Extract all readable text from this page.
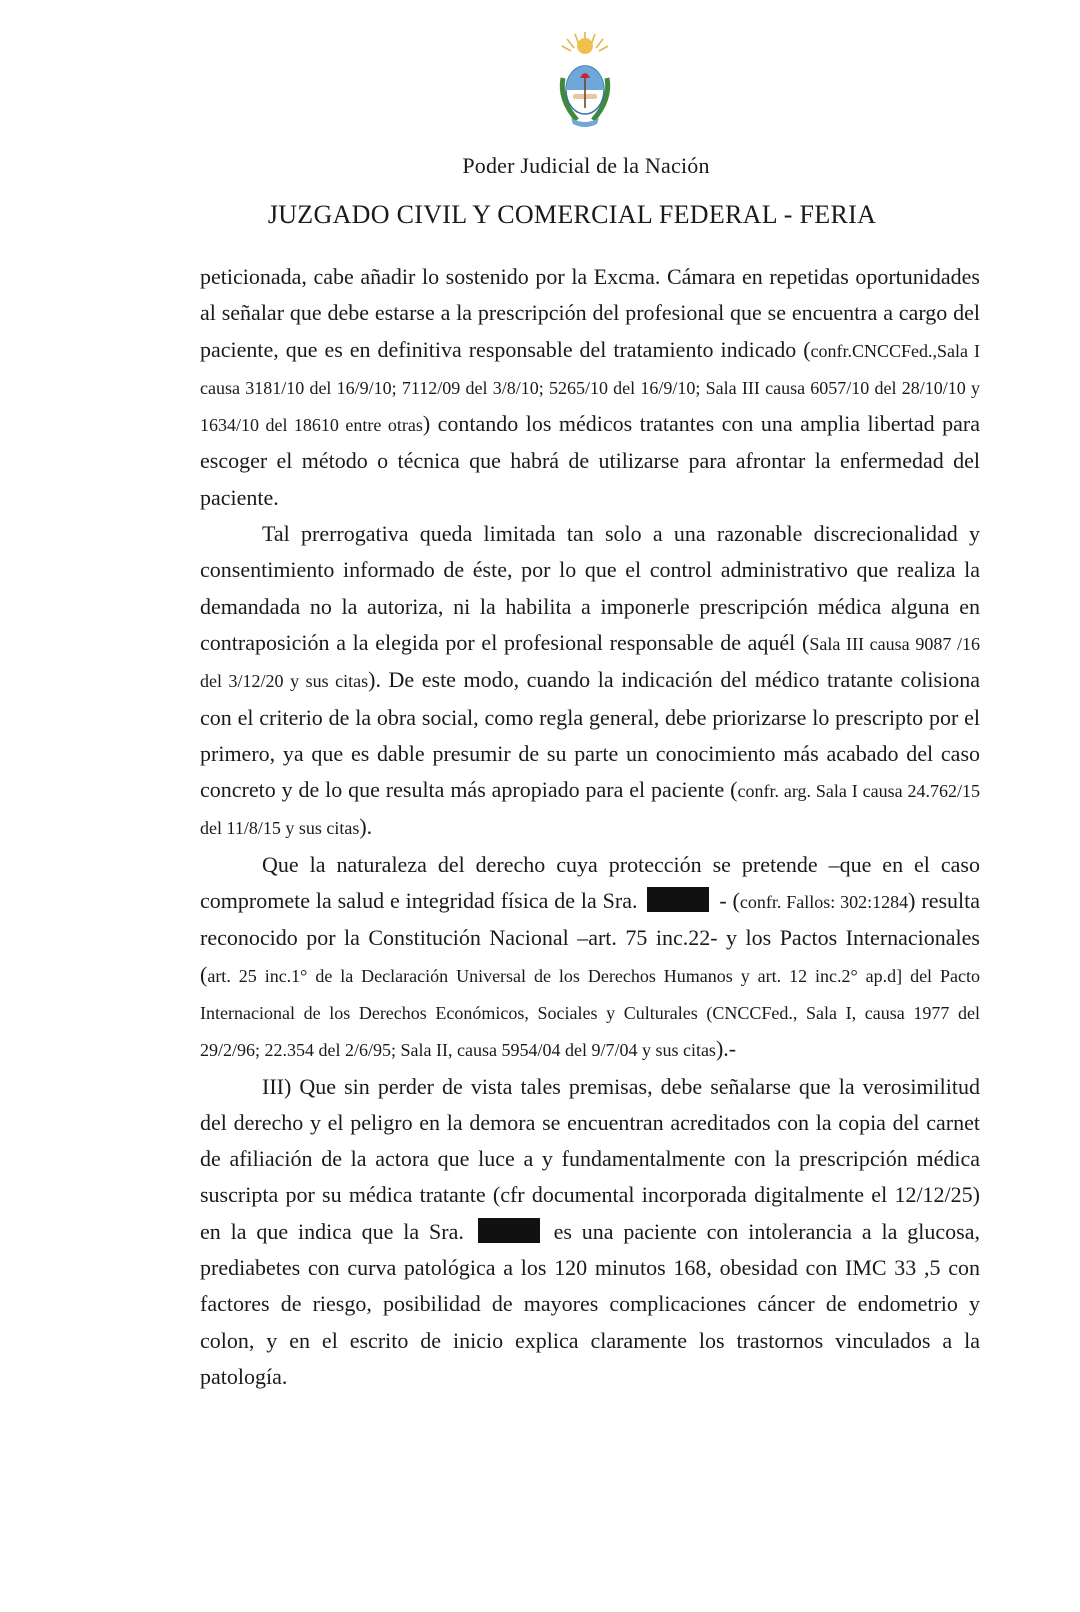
Poder Judicial de la Nación
JUZGADO CIVIL Y COMERCIAL FEDERAL - FERIA

peticionada, cabe añadir lo sostenido por la Excma. Cámara en repetidas oportunidades al señalar que debe estarse a la prescripción del profesional que se encuentra a cargo del paciente, que es en definitiva responsable del tratamiento indicado (confr.CNCCFed.,Sala I causa 3181/10 del 16/9/10; 7112/09 del 3/8/10; 5265/10 del 16/9/10; Sala III causa 6057/10 del 28/10/10 y 1634/10 del 18610 entre otras) contando los médicos tratantes con una amplia libertad para escoger el método o técnica que habrá de utilizarse para afrontar la enfermedad del paciente.

Tal prerrogativa queda limitada tan solo a una razonable discrecionalidad y consentimiento informado de éste, por lo que el control administrativo que realiza la demandada no la autoriza, ni la habilita a imponerle prescripción médica alguna en contraposición a la elegida por el profesional responsable de aquél (Sala III causa 9087 /16 del 3/12/20 y sus citas). De este modo, cuando la indicación del médico tratante colisiona con el criterio de la obra social, como regla general, debe priorizarse lo prescripto por el primero, ya que es dable presumir de su parte un conocimiento más acabado del caso concreto y de lo que resulta más apropiado para el paciente (confr. arg. Sala I causa 24.762/15 del 11/8/15 y sus citas).

Que la naturaleza del derecho cuya protección se pretende –que en el caso compromete la salud e integridad física de la Sra.	- (confr. Fallos: 302:1284) resulta reconocido por la Constitución Nacional –art. 75 inc.22- y los Pactos Internacionales (art. 25 inc.1° de la Declaración Universal de los Derechos Humanos y art. 12 inc.2° ap.d] del Pacto Internacional de los Derechos Económicos, Sociales y Culturales (CNCCFed., Sala I, causa 1977 del 29/2/96; 22.354 del 2/6/95; Sala II, causa 5954/04 del 9/7/04 y sus citas).-

III) Que sin perder de vista tales premisas, debe señalarse que la verosimilitud del derecho y el peligro en la demora se encuentran acreditados con la copia del carnet de afiliación de la actora que luce a y fundamentalmente con la prescripción médica suscripta por su médica tratante (cfr documental incorporada digitalmente el 12/12/25) en la que indica que la Sra.	es una paciente con intolerancia a la glucosa, prediabetes con curva patológica a los 120 minutos 168, obesidad con IMC 33 ,5 con factores de riesgo, posibilidad de mayores complicaciones cáncer de endometrio y colon, y en el escrito de inicio explica claramente los trastornos vinculados a la patología.
